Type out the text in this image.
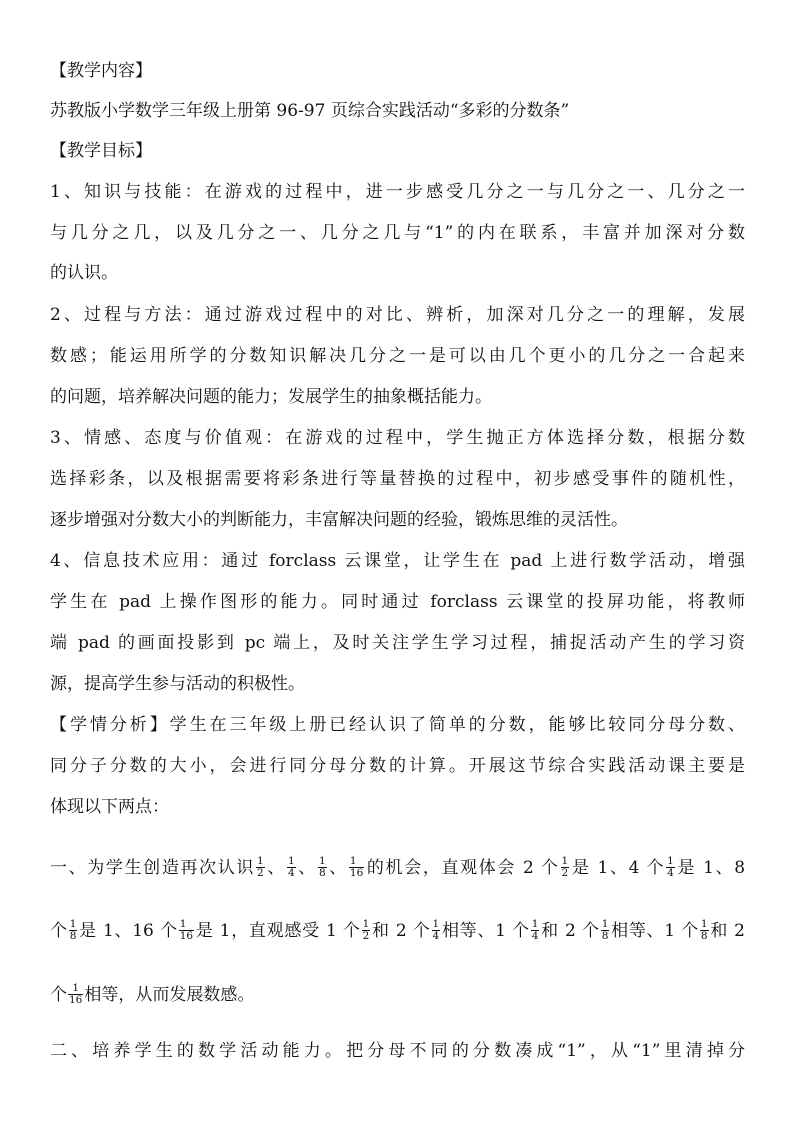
【教学内容】
苏教版小学数学三年级上册第 96-97 页综合实践活动“多彩的分数条”
【教学目标】
1、知识与技能：在游戏的过程中，进一步感受几分之一与几分之一、几分之一
与几分之几，以及几分之一、几分之几与“1”的内在联系，丰富并加深对分数
的认识。
2、过程与方法：通过游戏过程中的对比、辨析，加深对几分之一的理解，发展
数感；能运用所学的分数知识解决几分之一是可以由几个更小的几分之一合起来
的问题，培养解决问题的能力；发展学生的抽象概括能力。
3、情感、态度与价值观：在游戏的过程中，学生抛正方体选择分数，根据分数
选择彩条，以及根据需要将彩条进行等量替换的过程中，初步感受事件的随机性，
逐步增强对分数大小的判断能力，丰富解决问题的经验，锻炼思维的灵活性。
4、信息技术应用：通过 forclass 云课堂，让学生在 pad 上进行数学活动，增强
学生在 pad 上操作图形的能力。同时通过 forclass 云课堂的投屏功能，将教师
端 pad 的画面投影到 pc 端上，及时关注学生学习过程，捕捉活动产生的学习资
源，提高学生参与活动的积极性。
【学情分析】学生在三年级上册已经认识了简单的分数，能够比较同分母分数、
同分子分数的大小，会进行同分母分数的计算。开展这节综合实践活动课主要是
体现以下两点：
一、为学生创造再次认识 $\frac{1}{2}$ 、 $\frac{1}{4}$ 、 $\frac{1}{8}$ 、 $\frac{1}{16}$ 的机会，直观体会 2 个 $\frac{1}{2}$ 是 1、4 个 $\frac{1}{4}$ 是 1、8
个 $\frac{1}{8}$ 是 1、16 个 $\frac{1}{16}$ 是 1，直观感受 1 个 $\frac{1}{2}$ 和 2 个 $\frac{1}{4}$ 相等、1 个 $\frac{1}{4}$ 和 2 个 $\frac{1}{8}$ 相等、1 个 $\frac{1}{8}$ 和 2
个 $\frac{1}{16}$ 相等，从而发展数感。
二、培养学生的数学活动能力。把分母不同的分数凑成“1”，从“1”里清掉分
